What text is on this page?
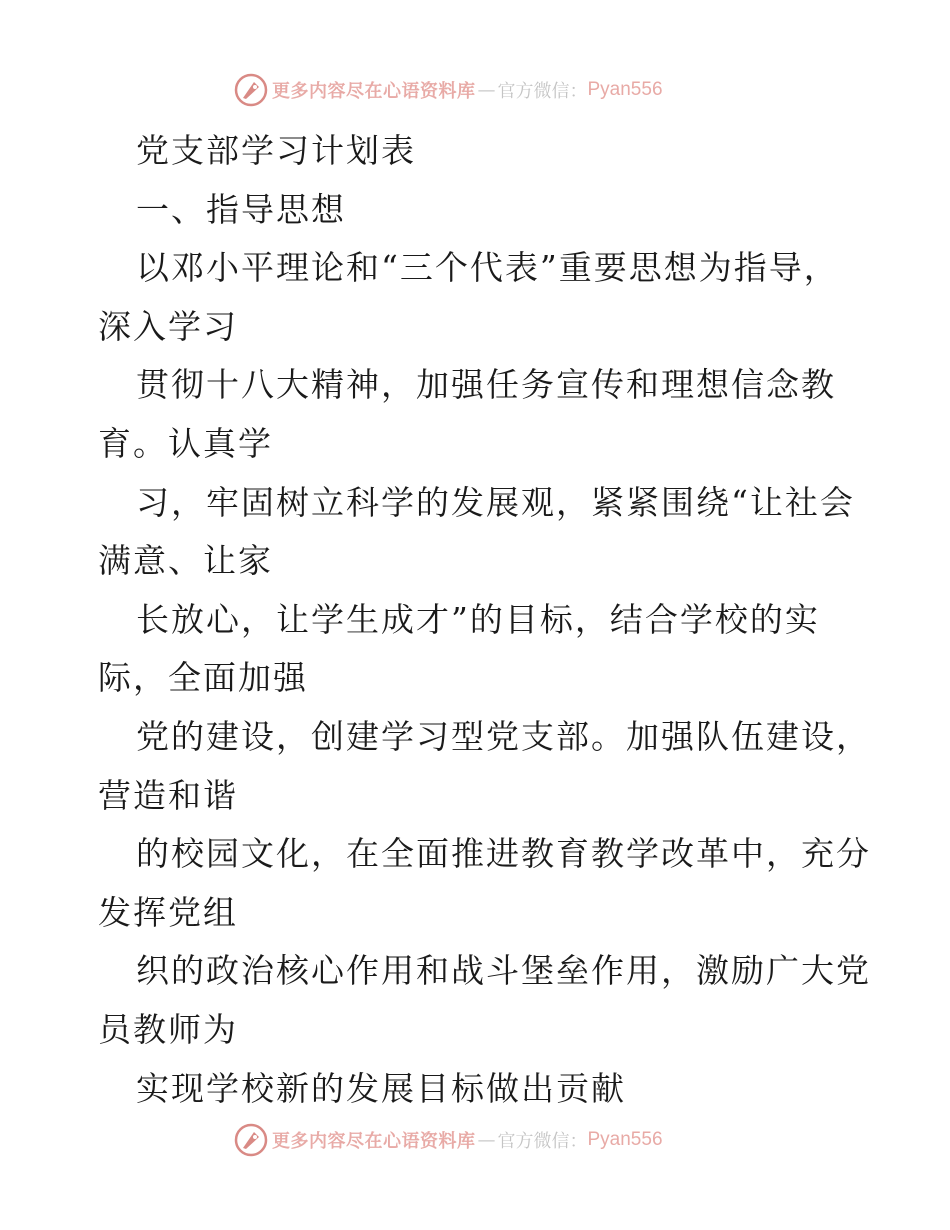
更多内容尽在心语资料库 — 官方微信： Pyan556

党支部学习计划表

一、指导思想

以邓小平理论和“三个代表”重要思想为指导，

深入学习

贯彻十八大精神，加强任务宣传和理想信念教

育。认真学

习，牢固树立科学的发展观，紧紧围绕“让社会

满意、让家

长放心，让学生成才”的目标，结合学校的实

际，全面加强

党的建设，创建学习型党支部。加强队伍建设，

营造和谐

的校园文化，在全面推进教育教学改革中，充分

发挥党组

织的政治核心作用和战斗堡垒作用，激励广大党

员教师为

实现学校新的发展目标做出贡献

更多内容尽在心语资料库 — 官方微信： Pyan556
